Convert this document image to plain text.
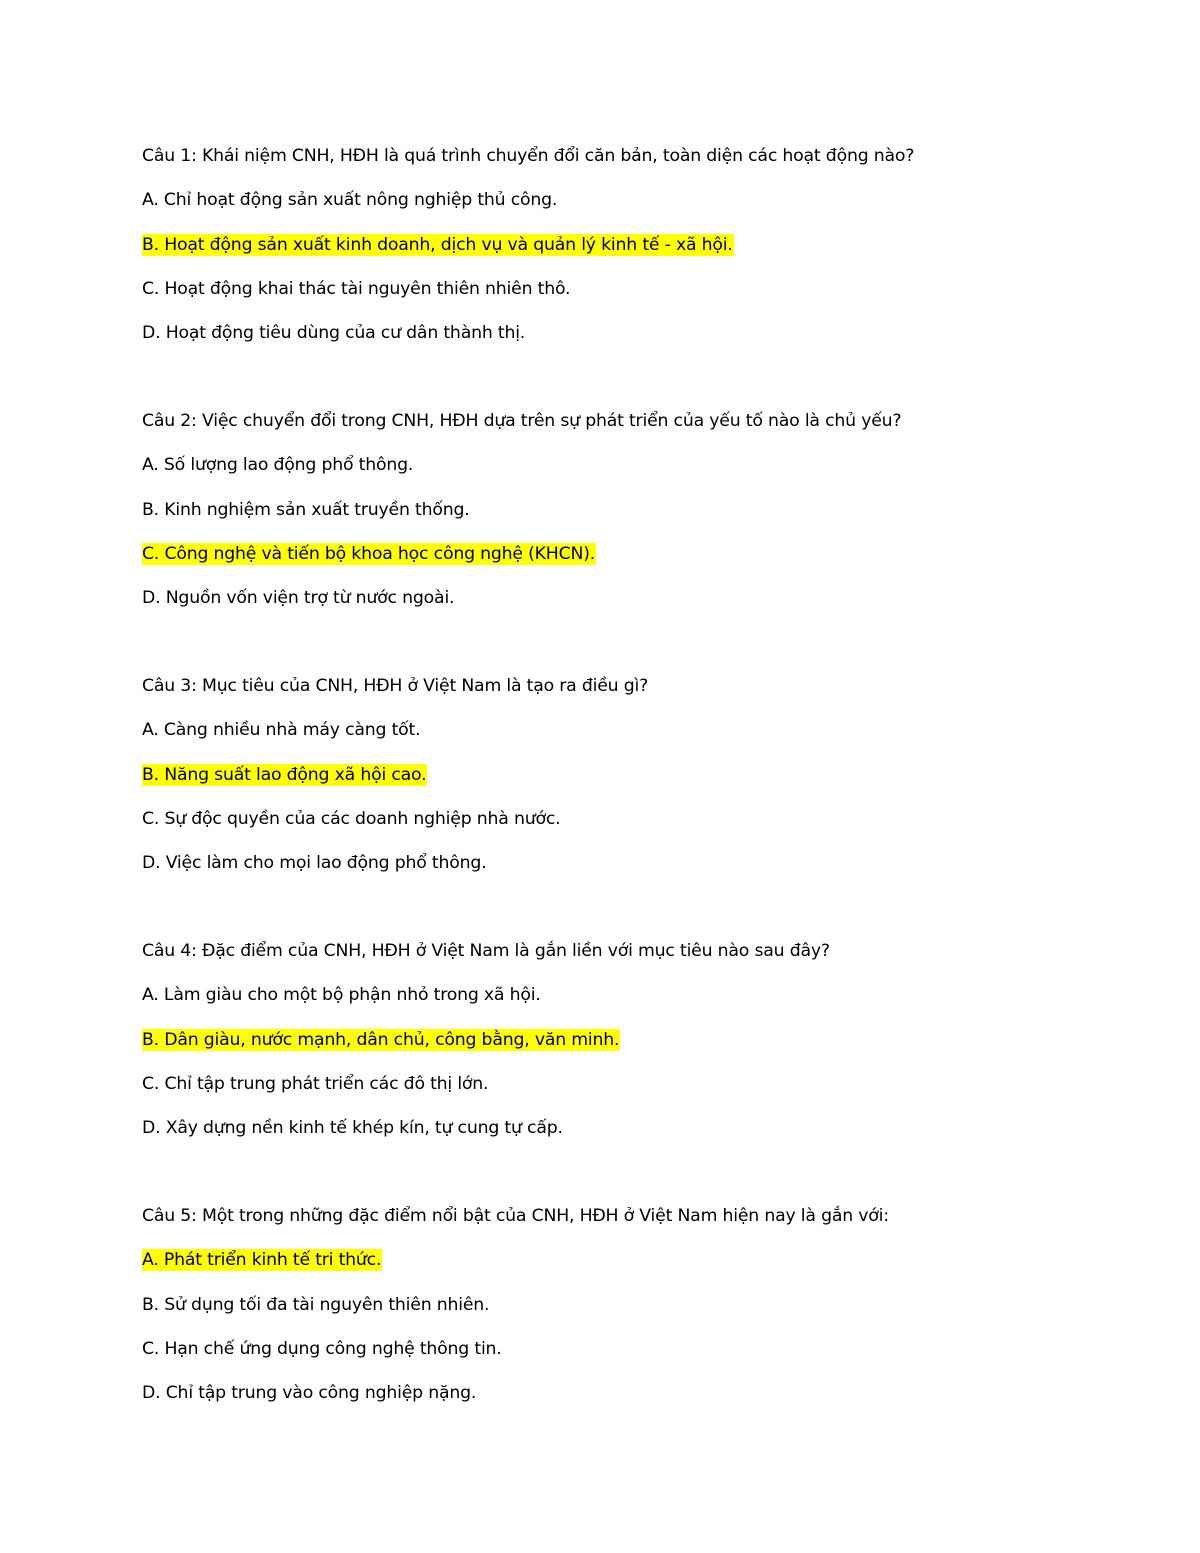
Câu 1: Khái niệm CNH, HĐH là quá trình chuyển đổi căn bản, toàn diện các hoạt động nào?

A. Chỉ hoạt động sản xuất nông nghiệp thủ công.

B. Hoạt động sản xuất kinh doanh, dịch vụ và quản lý kinh tế - xã hội.

C. Hoạt động khai thác tài nguyên thiên nhiên thô.

D. Hoạt động tiêu dùng của cư dân thành thị.

Câu 2: Việc chuyển đổi trong CNH, HĐH dựa trên sự phát triển của yếu tố nào là chủ yếu?

A. Số lượng lao động phổ thông.

B. Kinh nghiệm sản xuất truyền thống.

C. Công nghệ và tiến bộ khoa học công nghệ (KHCN).

D. Nguồn vốn viện trợ từ nước ngoài.

Câu 3: Mục tiêu của CNH, HĐH ở Việt Nam là tạo ra điều gì?

A. Càng nhiều nhà máy càng tốt.

B. Năng suất lao động xã hội cao.

C. Sự độc quyền của các doanh nghiệp nhà nước.

D. Việc làm cho mọi lao động phổ thông.

Câu 4: Đặc điểm của CNH, HĐH ở Việt Nam là gắn liền với mục tiêu nào sau đây?

A. Làm giàu cho một bộ phận nhỏ trong xã hội.

B. Dân giàu, nước mạnh, dân chủ, công bằng, văn minh.

C. Chỉ tập trung phát triển các đô thị lớn.

D. Xây dựng nền kinh tế khép kín, tự cung tự cấp.

Câu 5: Một trong những đặc điểm nổi bật của CNH, HĐH ở Việt Nam hiện nay là gắn với:

A. Phát triển kinh tế tri thức.

B. Sử dụng tối đa tài nguyên thiên nhiên.

C. Hạn chế ứng dụng công nghệ thông tin.

D. Chỉ tập trung vào công nghiệp nặng.
